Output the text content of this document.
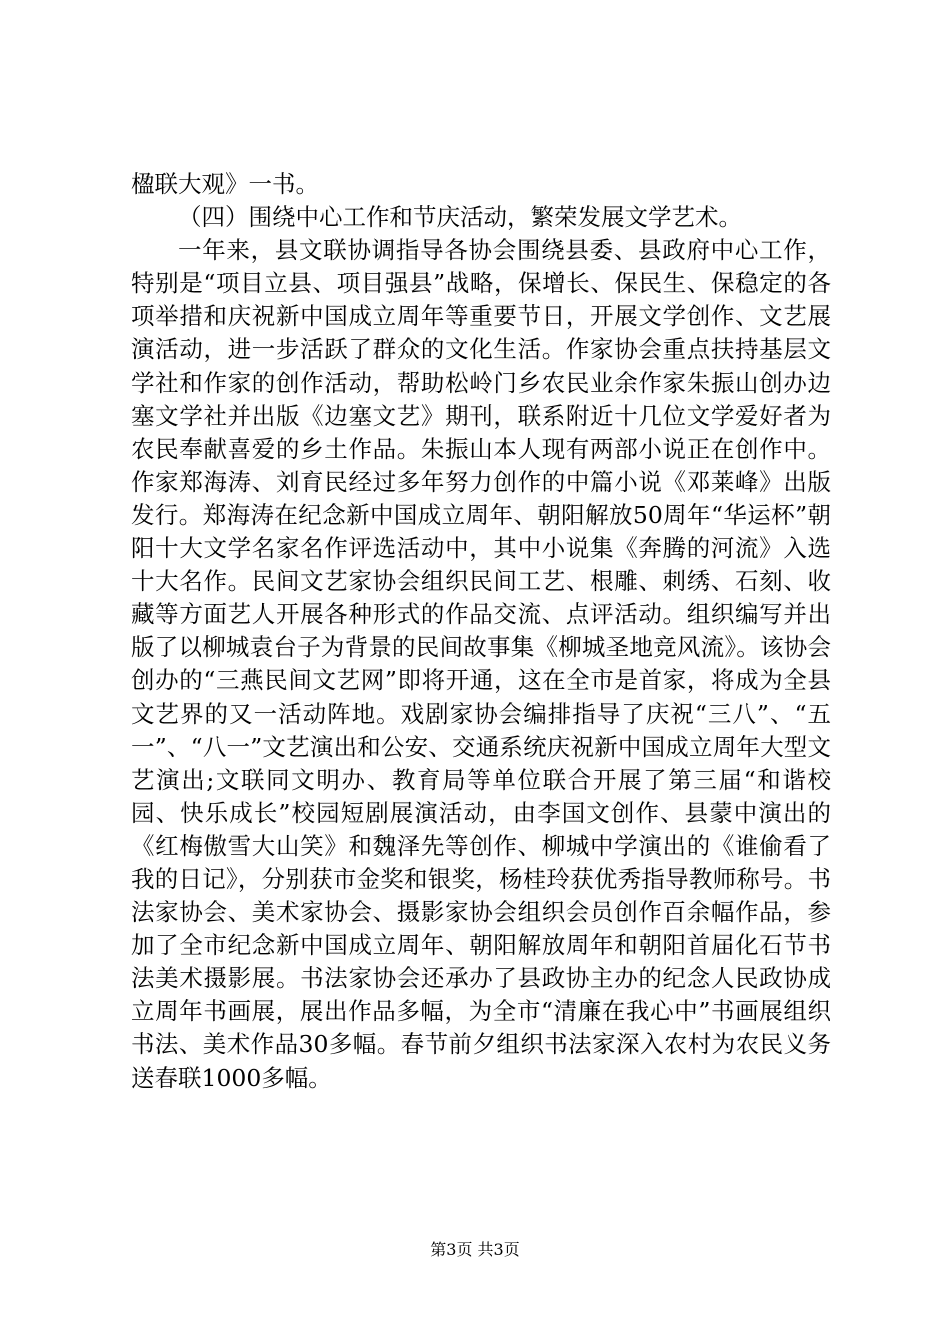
楹联大观》一书。

（四）围绕中心工作和节庆活动，繁荣发展文学艺术。

一年来，县文联协调指导各协会围绕县委、县政府中心工作，特别是“项目立县、项目强县”战略，保增长、保民生、保稳定的各项举措和庆祝新中国成立周年等重要节日，开展文学创作、文艺展演活动，进一步活跃了群众的文化生活。作家协会重点扶持基层文学社和作家的创作活动，帮助松岭门乡农民业余作家朱振山创办边塞文学社并出版《边塞文艺》期刊，联系附近十几位文学爱好者为农民奉献喜爱的乡土作品。朱振山本人现有两部小说正在创作中。作家郑海涛、刘育民经过多年努力创作的中篇小说《邓莱峰》出版发行。郑海涛在纪念新中国成立周年、朝阳解放50周年“华运杯”朝阳十大文学名家名作评选活动中，其中小说集《奔腾的河流》入选十大名作。民间文艺家协会组织民间工艺、根雕、刺绣、石刻、收藏等方面艺人开展各种形式的作品交流、点评活动。组织编写并出版了以柳城袁台子为背景的民间故事集《柳城圣地竞风流》。该协会创办的“三燕民间文艺网”即将开通，这在全市是首家，将成为全县文艺界的又一活动阵地。戏剧家协会编排指导了庆祝“三八”、“五一”、“八一”文艺演出和公安、交通系统庆祝新中国成立周年大型文艺演出;文联同文明办、教育局等单位联合开展了第三届“和谐校园、快乐成长”校园短剧展演活动，由李国文创作、县蒙中演出的《红梅傲雪大山笑》和魏泽先等创作、柳城中学演出的《谁偷看了我的日记》，分别获市金奖和银奖，杨桂玲获优秀指导教师称号。书法家协会、美术家协会、摄影家协会组织会员创作百余幅作品，参加了全市纪念新中国成立周年、朝阳解放周年和朝阳首届化石节书法美术摄影展。书法家协会还承办了县政协主办的纪念人民政协成立周年书画展，展出作品多幅，为全市“清廉在我心中”书画展组织书法、美术作品30多幅。春节前夕组织书法家深入农村为农民义务送春联1000多幅。

第3页 共3页
